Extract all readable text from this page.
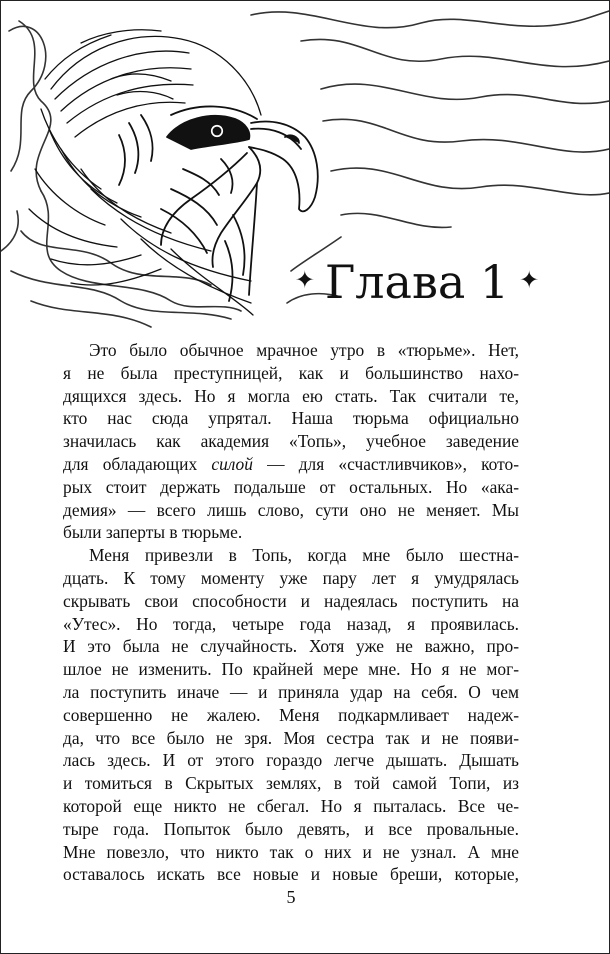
✦ Глава 1 ✦
Это было обычное мрачное утро в «тюрьме». Нет,
я не была преступницей, как и большинство нахо-
дящихся здесь. Но я могла ею стать. Так считали те,
кто нас сюда упрятал. Наша тюрьма официально
значилась как академия «Топь», учебное заведение
для обладающих силой — для «счастливчиков», кото-
рых стоит держать подальше от остальных. Но «ака-
демия» — всего лишь слово, сути оно не меняет. Мы
были заперты в тюрьме.
Меня привезли в Топь, когда мне было шестна-
дцать. К тому моменту уже пару лет я умудрялась
скрывать свои способности и надеялась поступить на
«Утес». Но тогда, четыре года назад, я проявилась.
И это была не случайность. Хотя уже не важно, про-
шлое не изменить. По крайней мере мне. Но я не мог-
ла поступить иначе — и приняла удар на себя. О чем
совершенно не жалею. Меня подкармливает надеж-
да, что все было не зря. Моя сестра так и не появи-
лась здесь. И от этого гораздо легче дышать. Дышать
и томиться в Скрытых землях, в той самой Топи, из
которой еще никто не сбегал. Но я пыталась. Все че-
тыре года. Попыток было девять, и все провальные.
Мне повезло, что никто так о них и не узнал. А мне
оставалось искать все новые и новые бреши, которые,
5
